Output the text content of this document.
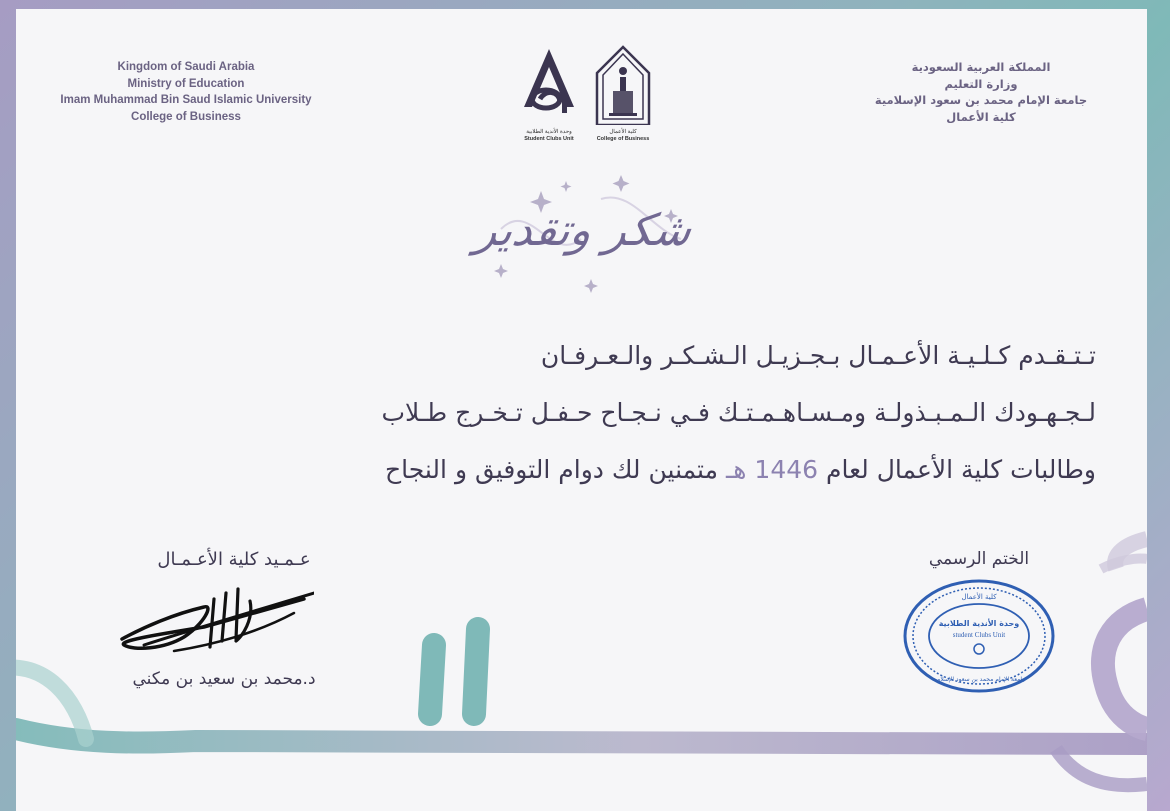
Kingdom of Saudi Arabia
Ministry of Education
Imam Muhammad Bin Saud Islamic University
College of Business
المملكة العربية السعودية
وزارة التعليم
جامعة الإمام محمد بن سعود الإسلامية
كلية الأعمال
وحدة الأندية الطلابية
Student Clubs Unit
كلية الأعمال
College of Business
شكر وتقدير
تـتـقـدم كـلـيـة الأعـمـال بـجـزيـل الـشـكـر والـعـرفـان
لـجـهـودك الـمـبـذولـة ومـسـاهـمـتـك فـي نـجـاح حـفـل تـخـرج طـلاب
وطالبات كلية الأعمال لعام 1446 هـ متمنين لك دوام التوفيق و النجاح
عـمـيد كلية الأعـمـال
د.محمد بن سعيد بن مكني
الختم الرسمي
كلية الأعمال
وحدة الأندية الطلابية
student Clubs Unit
جامعة الإمام محمد بن سعود الإسلامية
